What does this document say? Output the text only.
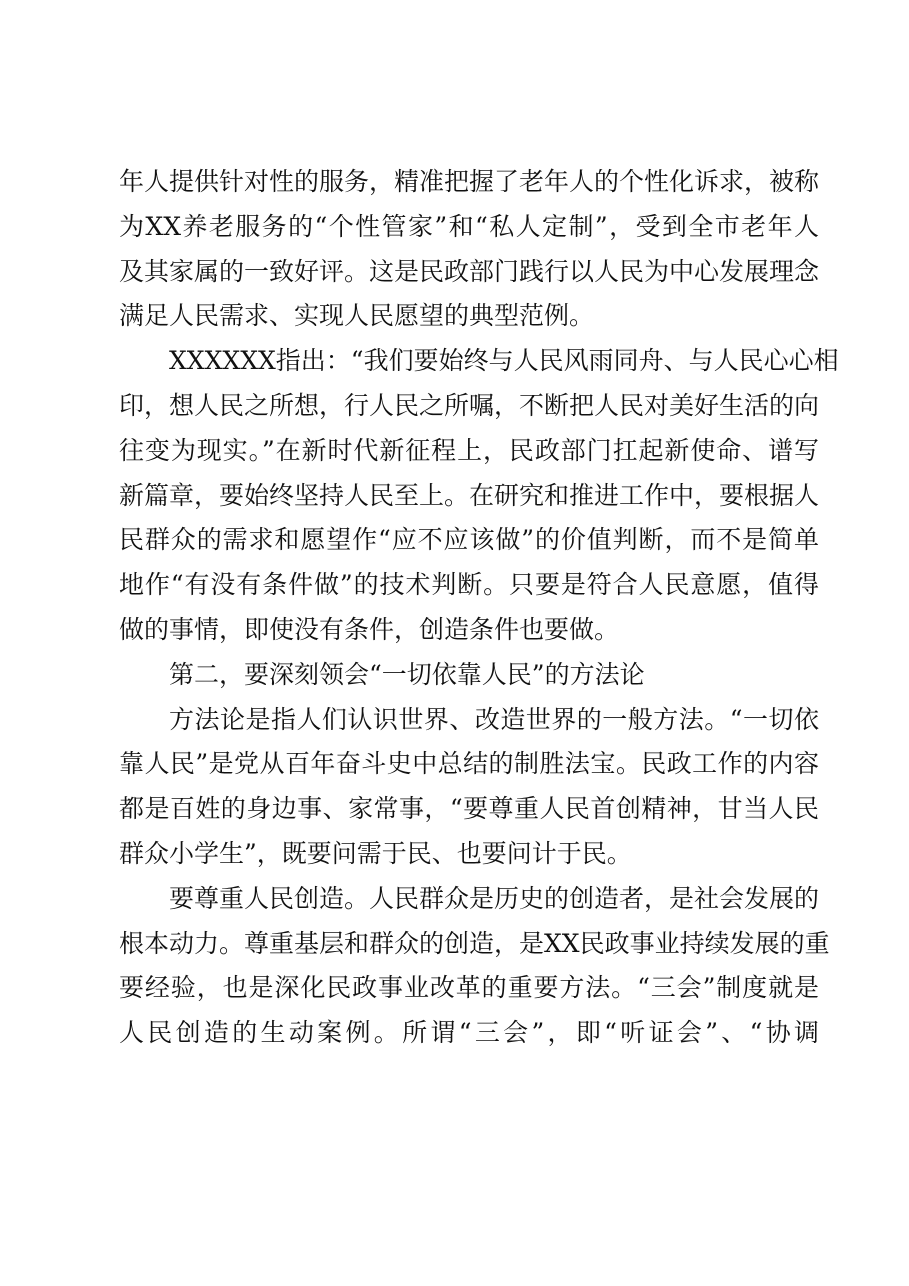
年人提供针对性的服务，精准把握了老年人的个性化诉求，被称
为XX养老服务的“个性管家”和“私人定制”，受到全市老年人
及其家属的一致好评。这是民政部门践行以人民为中心发展理念
满足人民需求、实现人民愿望的典型范例。
XXXXXX指出：“我们要始终与人民风雨同舟、与人民心心相
印，想人民之所想，行人民之所嘱，不断把人民对美好生活的向
往变为现实。”在新时代新征程上，民政部门扛起新使命、谱写
新篇章，要始终坚持人民至上。在研究和推进工作中，要根据人
民群众的需求和愿望作“应不应该做”的价值判断，而不是简单
地作“有没有条件做”的技术判断。只要是符合人民意愿，值得
做的事情，即使没有条件，创造条件也要做。
第二，要深刻领会“一切依靠人民”的方法论
方法论是指人们认识世界、改造世界的一般方法。“一切依
靠人民”是党从百年奋斗史中总结的制胜法宝。民政工作的内容
都是百姓的身边事、家常事，“要尊重人民首创精神，甘当人民
群众小学生”，既要问需于民、也要问计于民。
要尊重人民创造。人民群众是历史的创造者，是社会发展的
根本动力。尊重基层和群众的创造，是XX民政事业持续发展的重
要经验，也是深化民政事业改革的重要方法。“三会”制度就是
人民创造的生动案例。所谓“三会”，即“听证会”、“协调
